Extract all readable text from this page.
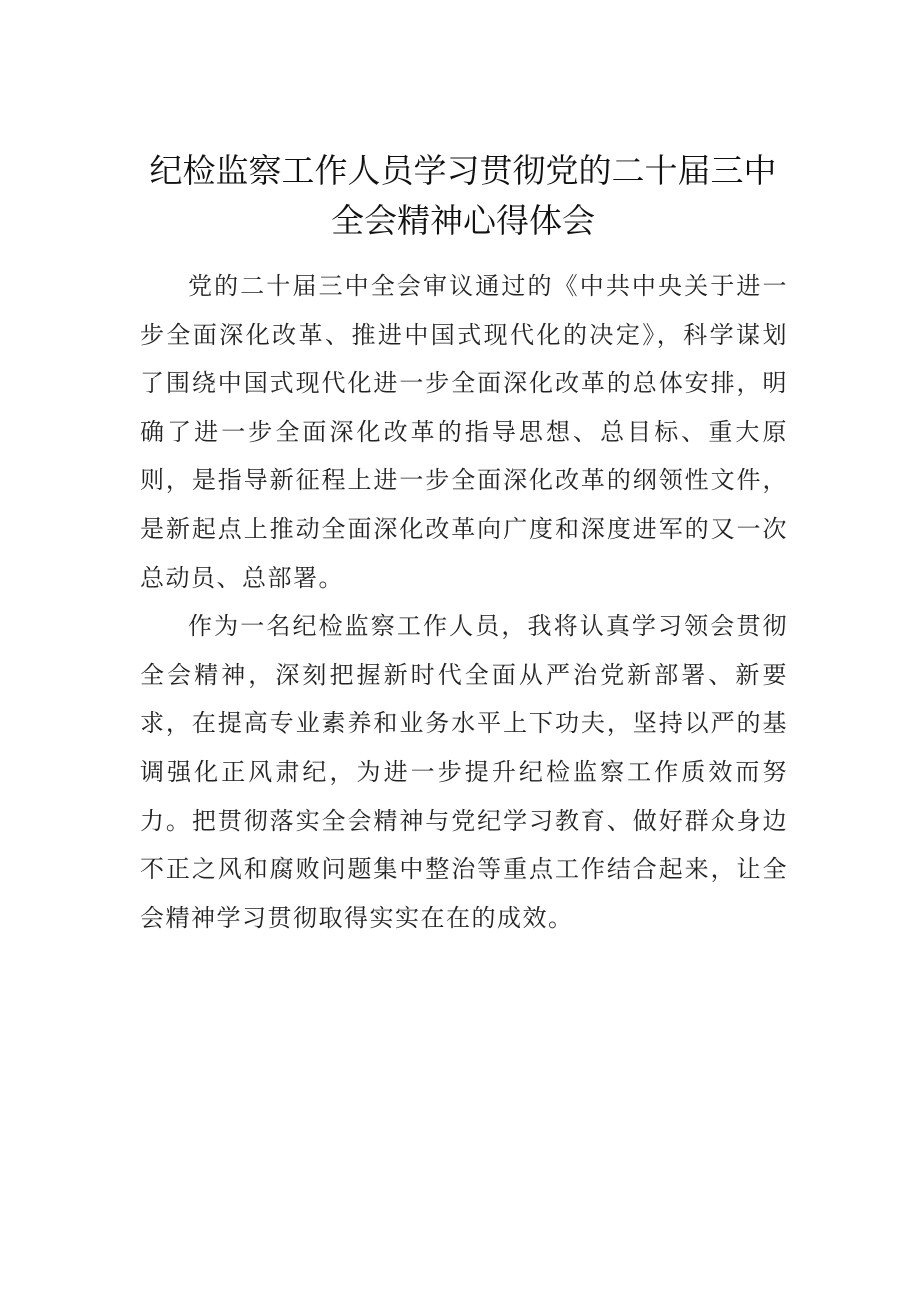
纪检监察工作人员学习贯彻党的二十届三中全会精神心得体会

党的二十届三中全会审议通过的《中共中央关于进一步全面深化改革、推进中国式现代化的决定》，科学谋划了围绕中国式现代化进一步全面深化改革的总体安排，明确了进一步全面深化改革的指导思想、总目标、重大原则，是指导新征程上进一步全面深化改革的纲领性文件，是新起点上推动全面深化改革向广度和深度进军的又一次总动员、总部署。

作为一名纪检监察工作人员，我将认真学习领会贯彻全会精神，深刻把握新时代全面从严治党新部署、新要求，在提高专业素养和业务水平上下功夫，坚持以严的基调强化正风肃纪，为进一步提升纪检监察工作质效而努力。把贯彻落实全会精神与党纪学习教育、做好群众身边不正之风和腐败问题集中整治等重点工作结合起来，让全会精神学习贯彻取得实实在在的成效。
